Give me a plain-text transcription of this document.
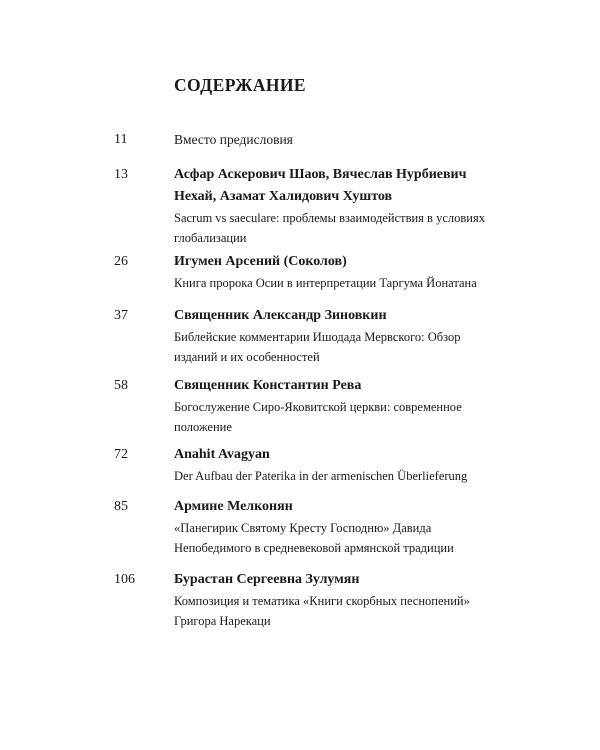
СОДЕРЖАНИЕ
11	Вместо предисловия
13	Асфар Аскерович Шаов, Вячеслав Нурбиевич
Нехай, Азамат Халидович Хуштов
Sacrum vs saeculare: проблемы взаимодействия в условиях
глобализации
26	Игумен Арсений (Соколов)
Книга пророка Осии в интерпретации Таргума Йонатана
37	Священник Александр Зиновкин
Библейские комментарии Ишодада Мервского: Обзор
изданий и их особенностей
58	Священник Константин Рева
Богослужение Сиро-Яковитской церкви: современное
положение
72	Anahit Avagyan
Der Aufbau der Paterika in der armenischen Überlieferung
85	Армине Мелконян
«Панегирик Святому Кресту Господню» Давида
Непобедимого в средневековой армянской традиции
106	Бурастан Сергеевна Зулумян
Композиция и тематика «Книги скорбных песнопений»
Григора Нарекаци
